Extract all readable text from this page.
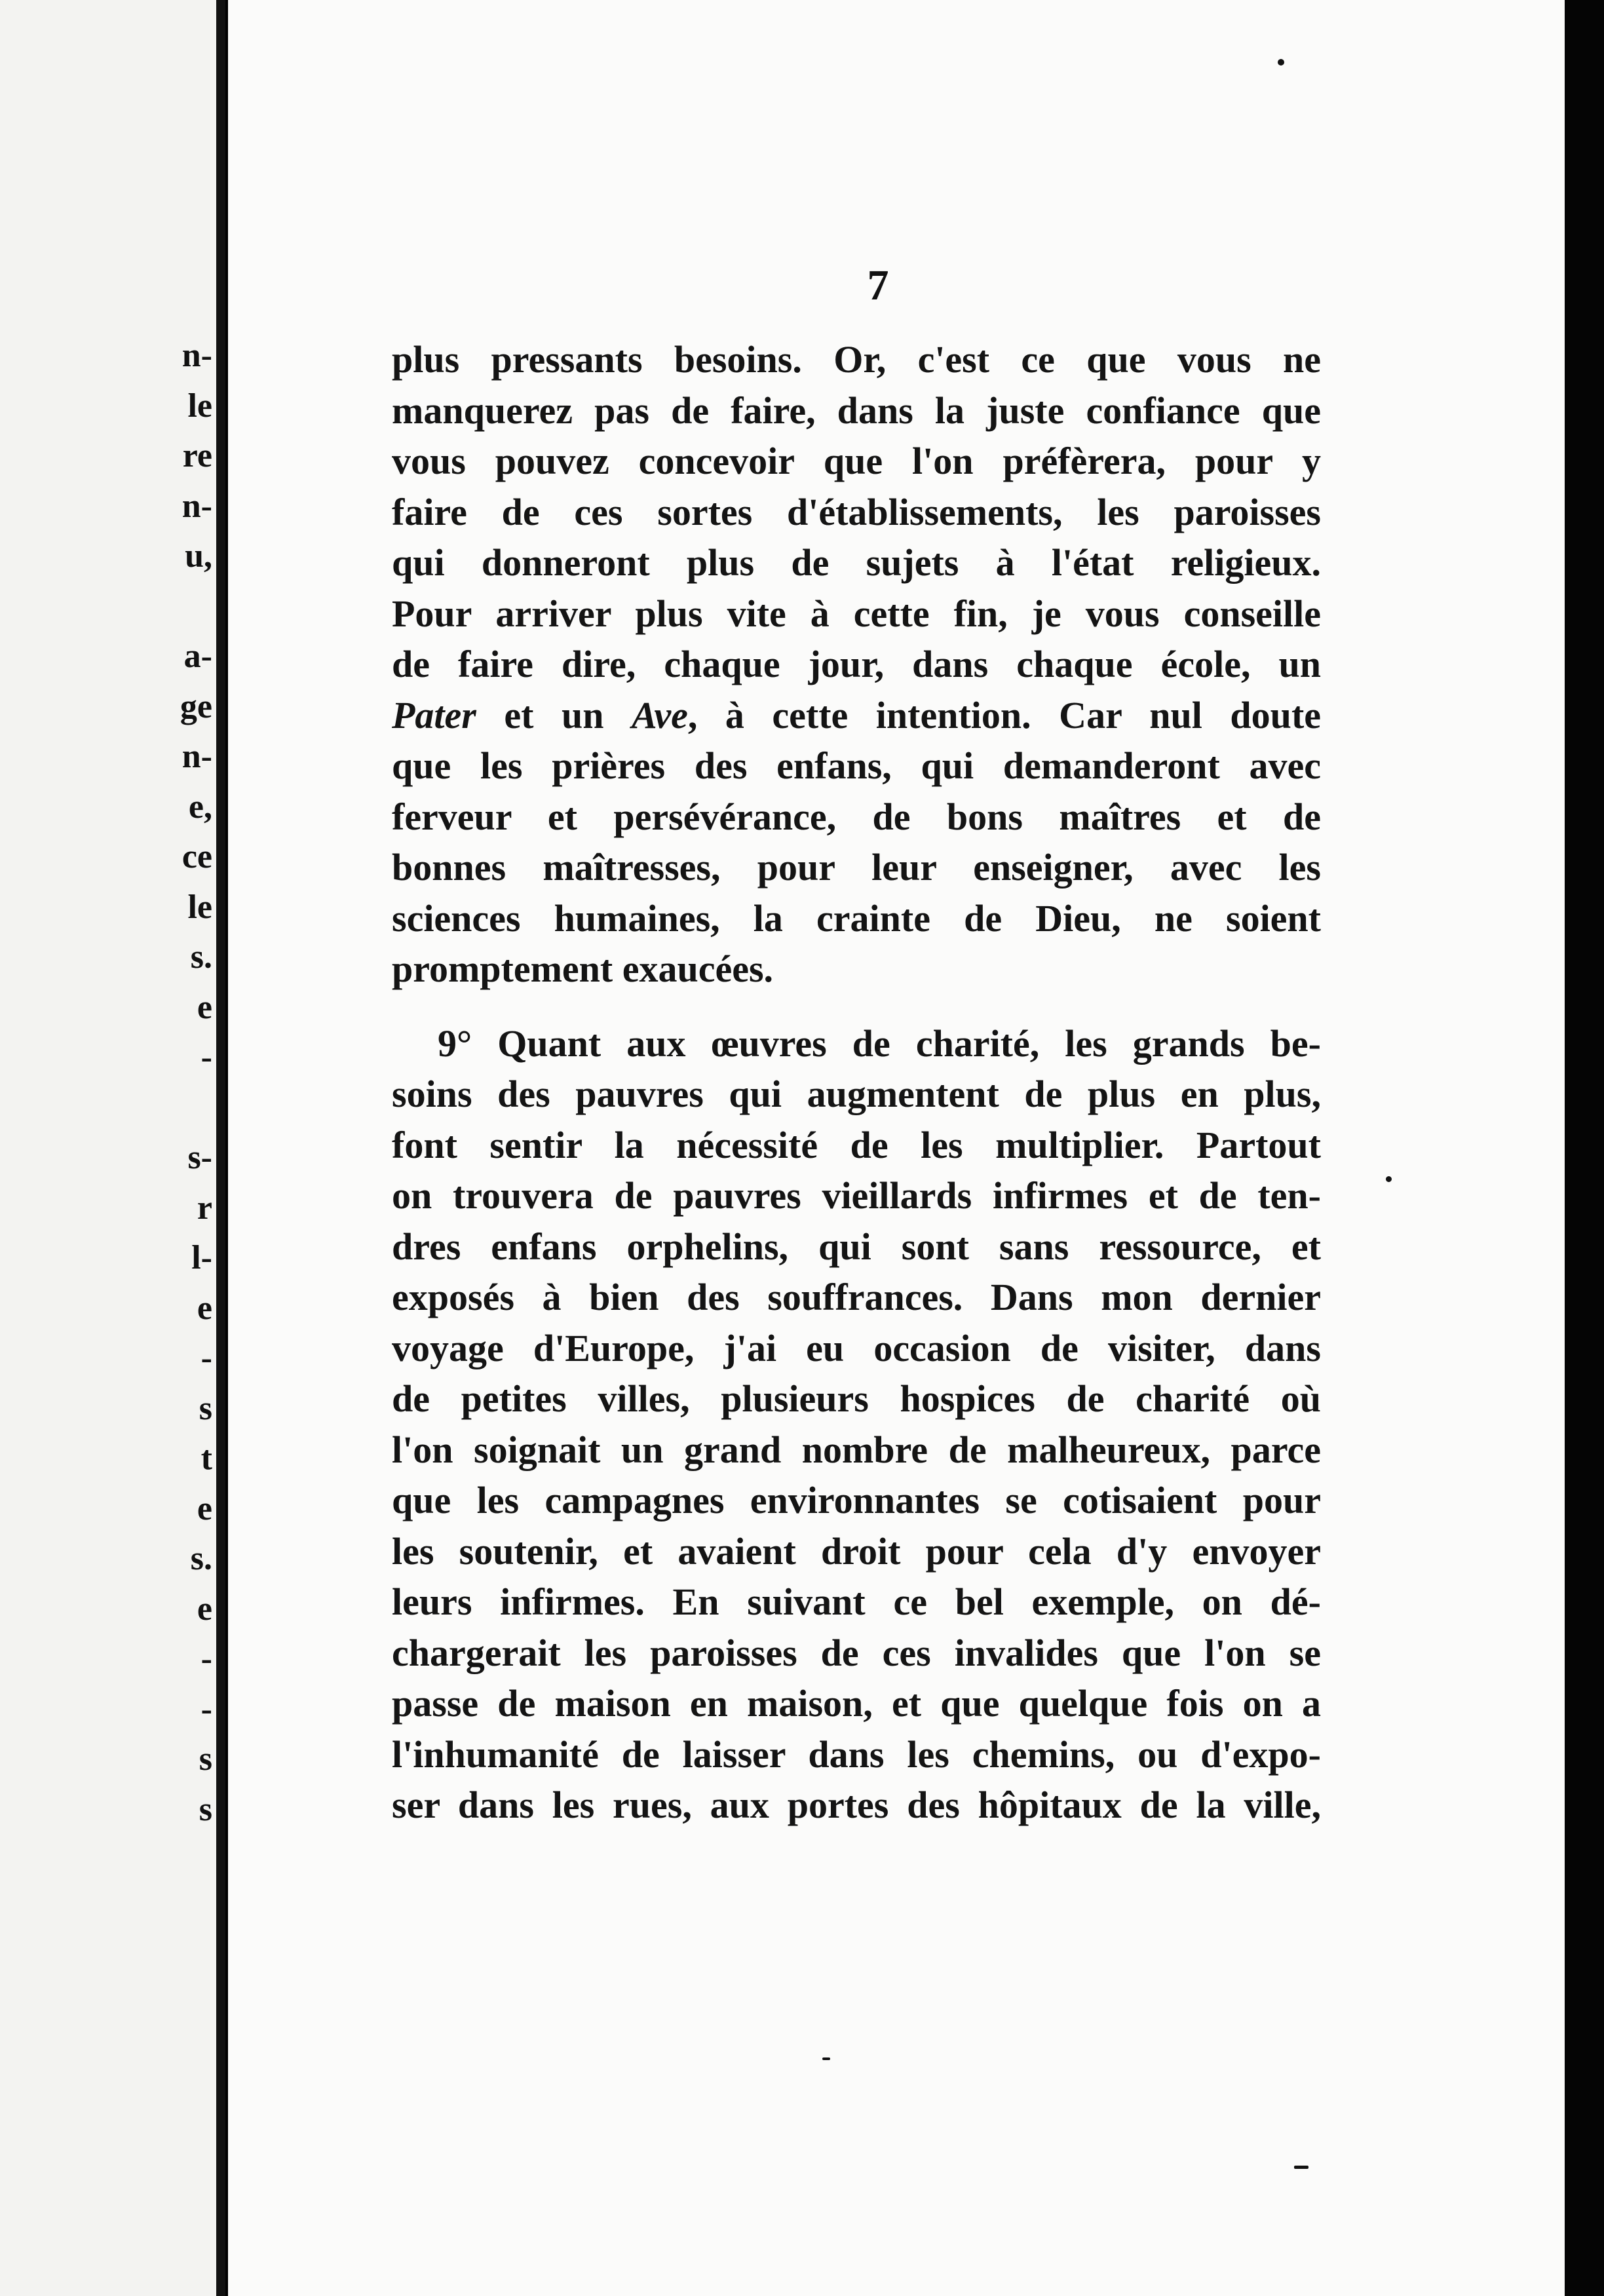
n-
le
re
n-
u,
a-
ge
n-
e,
ce
le
s.
e
-
s-
r
l-
e
-
s
t
e
s.
e
-
-
s
s
7
plus pressants besoins. Or, c'est ce que vous ne
manquerez pas de faire, dans la juste confiance que
vous pouvez concevoir que l'on préfèrera, pour y
faire de ces sortes d'établissements, les paroisses
qui donneront plus de sujets à l'état religieux.
Pour arriver plus vite à cette fin, je vous conseille
de faire dire, chaque jour, dans chaque école, un
Pater et un Ave, à cette intention. Car nul doute
que les prières des enfans, qui demanderont avec
ferveur et persévérance, de bons maîtres et de
bonnes maîtresses, pour leur enseigner, avec les
sciences humaines, la crainte de Dieu, ne soient
promptement exaucées.
9° Quant aux œuvres de charité, les grands be-
soins des pauvres qui augmentent de plus en plus,
font sentir la nécessité de les multiplier. Partout
on trouvera de pauvres vieillards infirmes et de ten-
dres enfans orphelins, qui sont sans ressource, et
exposés à bien des souffrances. Dans mon dernier
voyage d'Europe, j'ai eu occasion de visiter, dans
de petites villes, plusieurs hospices de charité où
l'on soignait un grand nombre de malheureux, parce
que les campagnes environnantes se cotisaient pour
les soutenir, et avaient droit pour cela d'y envoyer
leurs infirmes. En suivant ce bel exemple, on dé-
chargerait les paroisses de ces invalides que l'on se
passe de maison en maison, et que quelque fois on a
l'inhumanité de laisser dans les chemins, ou d'expo-
ser dans les rues, aux portes des hôpitaux de la ville,
